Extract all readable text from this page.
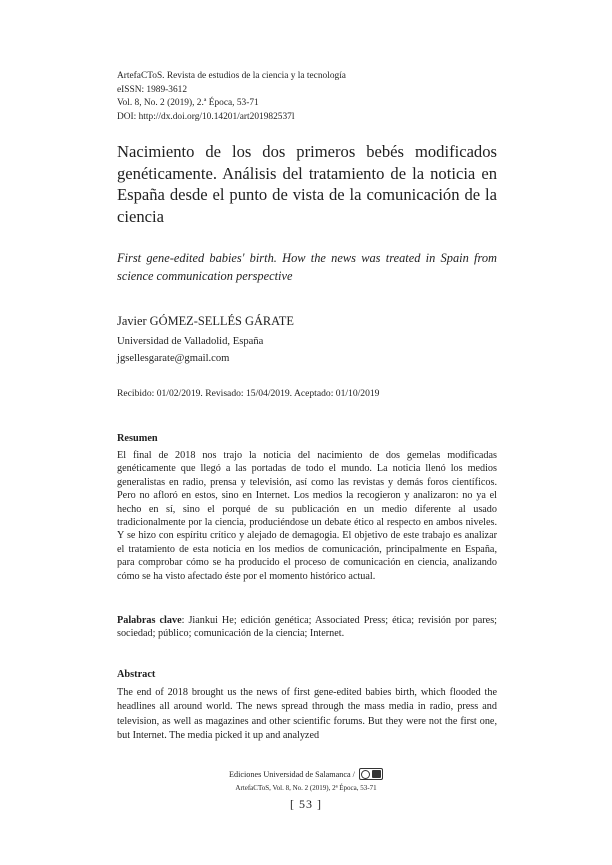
ArtefaCToS. Revista de estudios de la ciencia y la tecnología
eISSN: 1989-3612
Vol. 8, No. 2 (2019), 2.ª Época, 53-71
DOI: http://dx.doi.org/10.14201/art201982537l
Nacimiento de los dos primeros bebés modificados genéticamente. Análisis del tratamiento de la noticia en España desde el punto de vista de la comunicación de la ciencia
First gene-edited babies' birth. How the news was treated in Spain from science communication perspective
Javier GÓMEZ-SELLÉS GÁRATE
Universidad de Valladolid, España
jgsellesgarate@gmail.com
Recibido: 01/02/2019. Revisado: 15/04/2019. Aceptado: 01/10/2019
Resumen
El final de 2018 nos trajo la noticia del nacimiento de dos gemelas modificadas genéticamente que llegó a las portadas de todo el mundo. La noticia llenó los medios generalistas en radio, prensa y televisión, así como las revistas y demás foros científicos. Pero no afloró en estos, sino en Internet. Los medios la recogieron y analizaron: no ya el hecho en sí, sino el porqué de su publicación en un medio diferente al usado tradicionalmente por la ciencia, produciéndose un debate ético al respecto en ambos niveles. Y se hizo con espíritu crítico y alejado de demagogia. El objetivo de este trabajo es analizar el tratamiento de esta noticia en los medios de comunicación, principalmente en España, para comprobar cómo se ha producido el proceso de comunicación en ciencia, analizando cómo se ha visto afectado éste por el momento histórico actual.
Palabras clave: Jiankui He; edición genética; Associated Press; ética; revisión por pares; sociedad; público; comunicación de la ciencia; Internet.
Abstract
The end of 2018 brought us the news of first gene-edited babies birth, which flooded the headlines all around world. The news spread through the mass media in radio, press and television, as well as magazines and other scientific forums. But they were not the first one, but Internet. The media picked it up and analyzed
Ediciones Universidad de Salamanca /
ArtefaCToS, Vol. 8, No. 2 (2019), 2ª Época, 53-71
[ 53 ]
